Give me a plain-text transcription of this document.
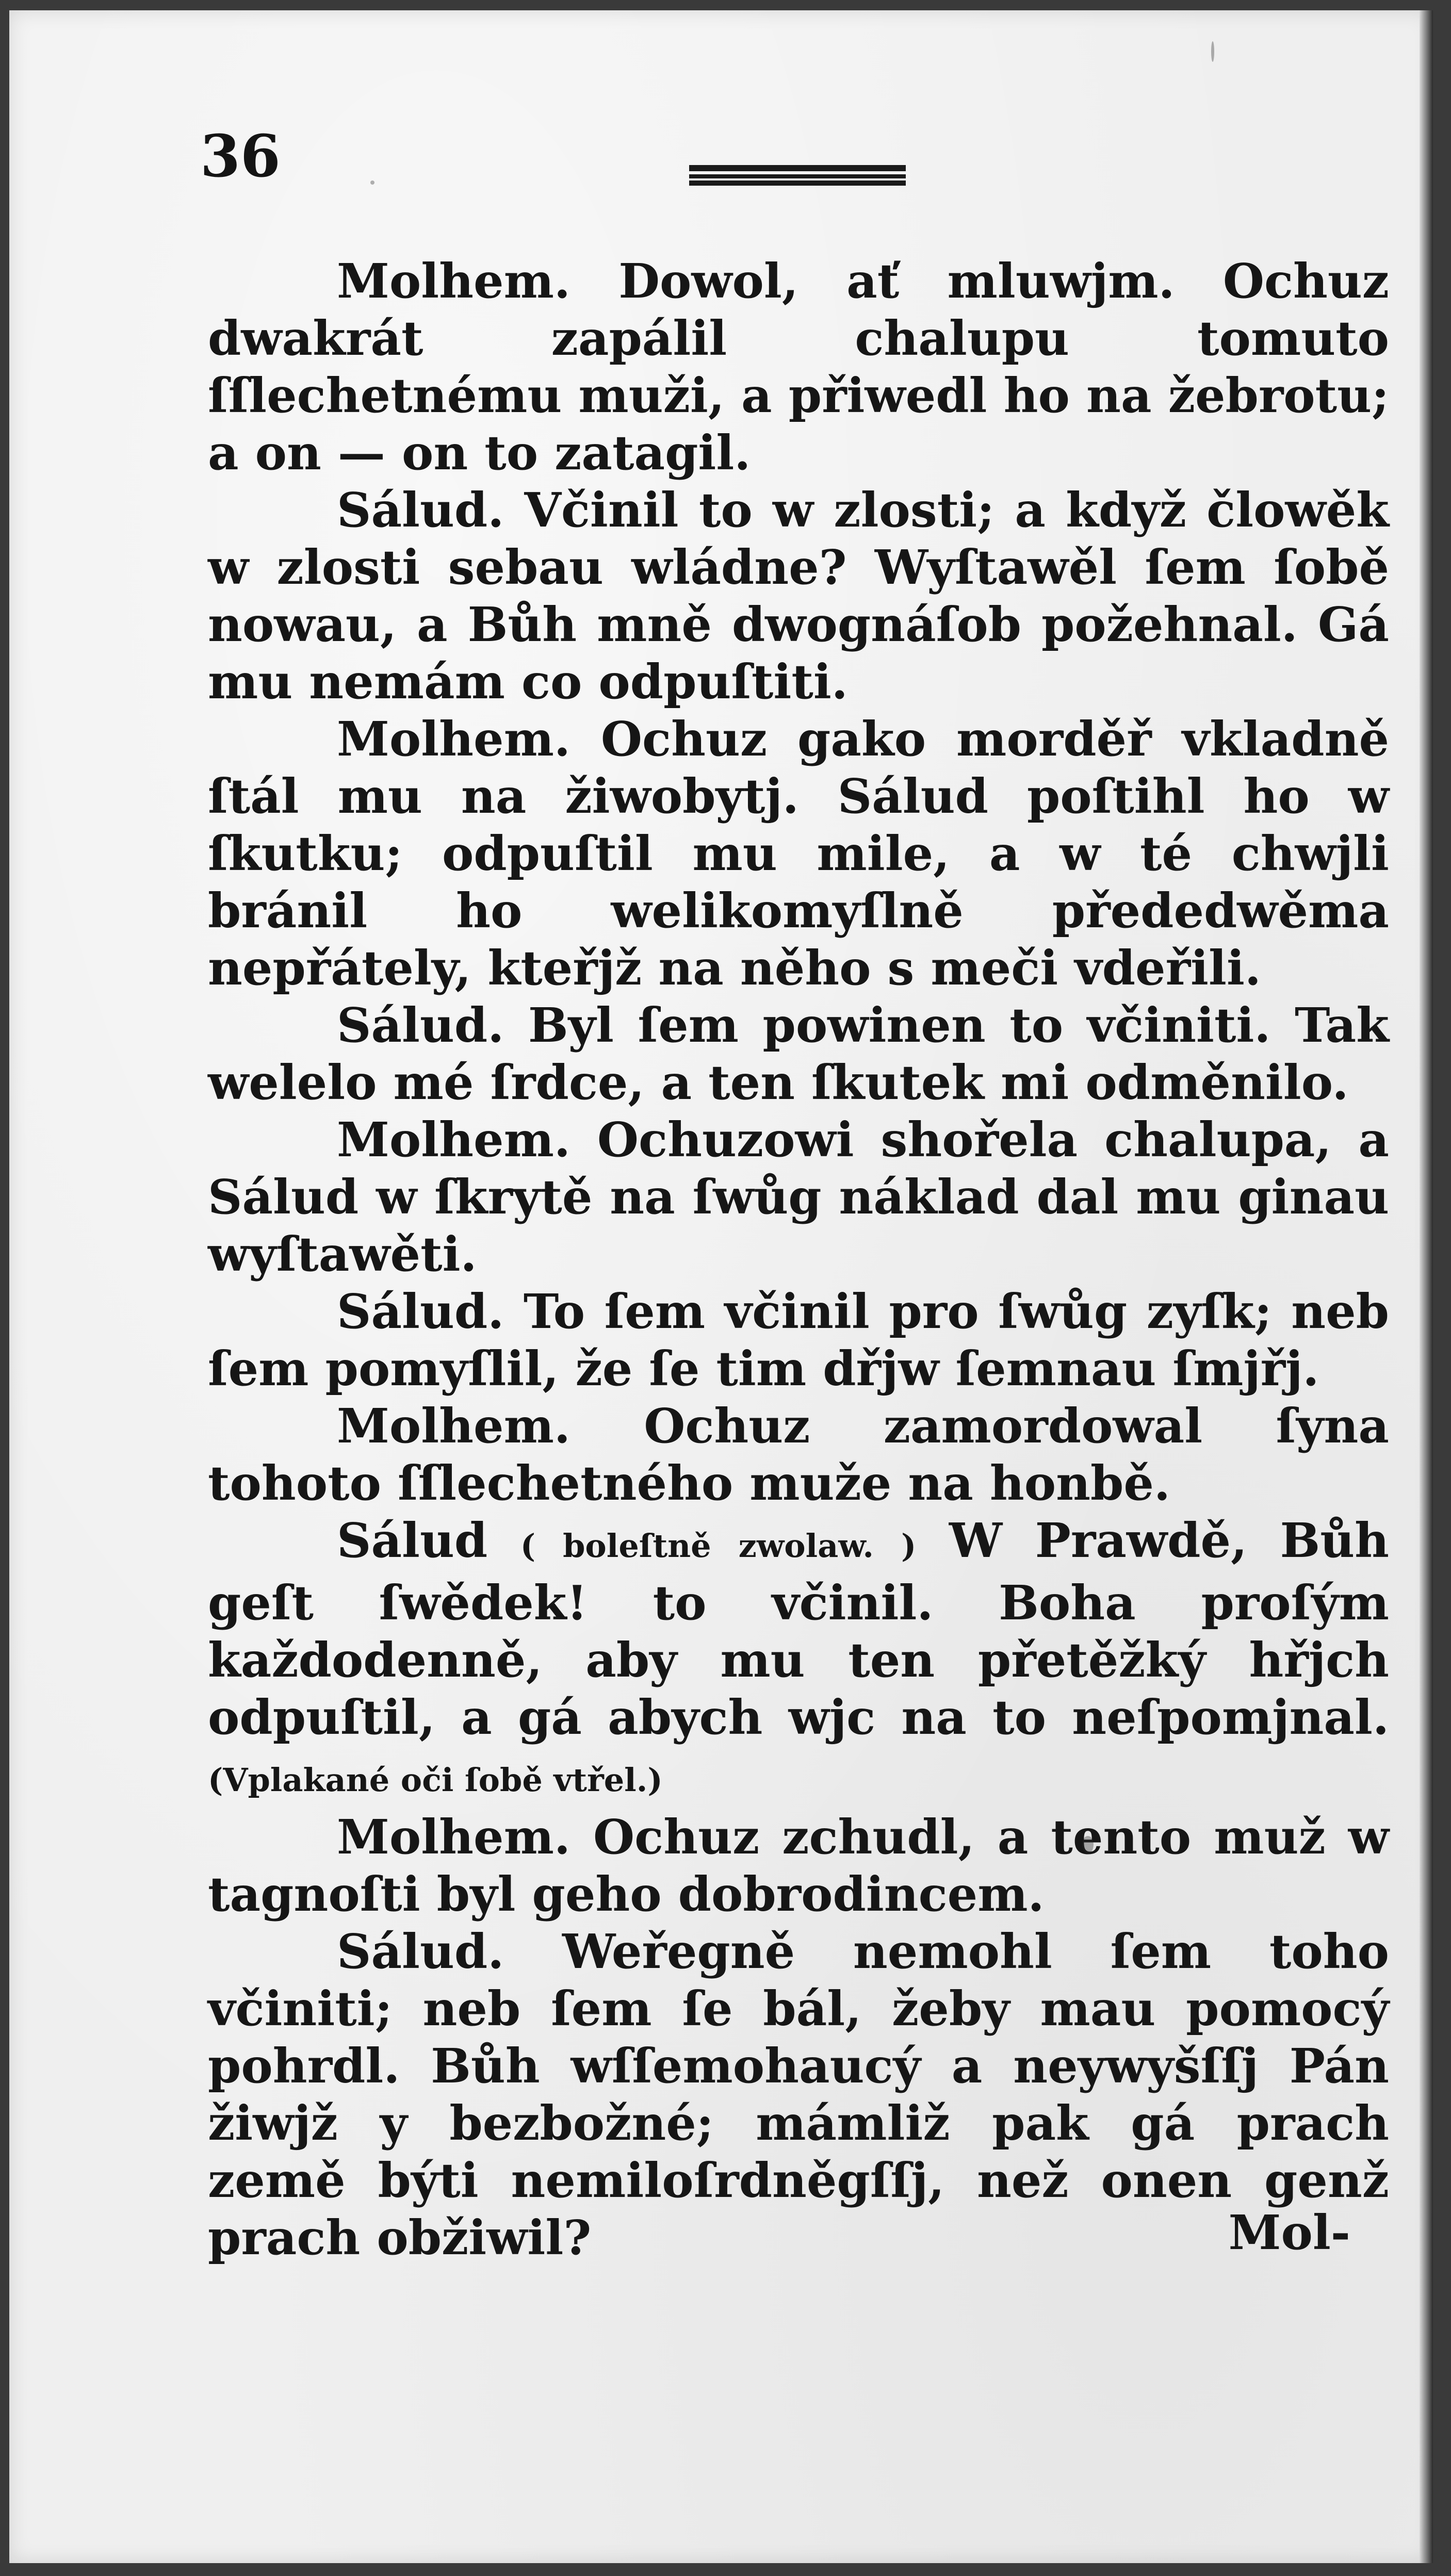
36

Molhem. Dowol, ať mluwjm. Ochuz dwakrát zapálil chalupu tomuto ſſlechetnému muži, a přiwedl ho na žebrotu; a on — on to zatagil.

Sálud. Včinil to w zlosti; a když člowěk w zlosti sebau wládne? Wyſtawěl ſem ſobě nowau, a Bůh mně dwognáſob požehnal. Gá mu nemám co odpuſtiti.

Molhem. Ochuz gako morděř vkladně ſtál mu na žiwobytj. Sálud poſtihl ho w ſkutku; odpuſtil mu mile, a w té chwjli bránil ho welikomyſlně přededwěma nepřátely, kteřjž na něho s meči vdeřili.

Sálud. Byl ſem powinen to včiniti. Tak welelo mé ſrdce, a ten ſkutek mi odměnilo.

Molhem. Ochuzowi shořela chalupa, a Sálud w ſkrytě na ſwůg náklad dal mu ginau wyſtawěti.

Sálud. To ſem včinil pro ſwůg zyſk; neb ſem pomyſlil, že ſe tim dřjw ſemnau ſmjřj.

Molhem. Ochuz zamordowal ſyna tohoto ſſlechetného muže na honbě.

Sálud ( boleſtně zwolaw. ) W Prawdě, Bůh geſt ſwědek! to včinil. Boha proſým každodenně, aby mu ten přetěžký hřjch odpuſtil, a gá abych wjc na to neſpomjnal. (Vplakané oči ſobě vtřel.)

Molhem. Ochuz zchudl, a tento muž w tagnoſti byl geho dobrodincem.

Sálud. Weřegně nemohl ſem toho včiniti; neb ſem ſe bál, žeby mau pomocý pohrdl. Bůh wſſemohaucý a neywyšſſj Pán žiwjž y bezbožné; mámliž pak gá prach země býti nemiloſrdněgſſj, než onen genž prach obžiwil?	Mol-
